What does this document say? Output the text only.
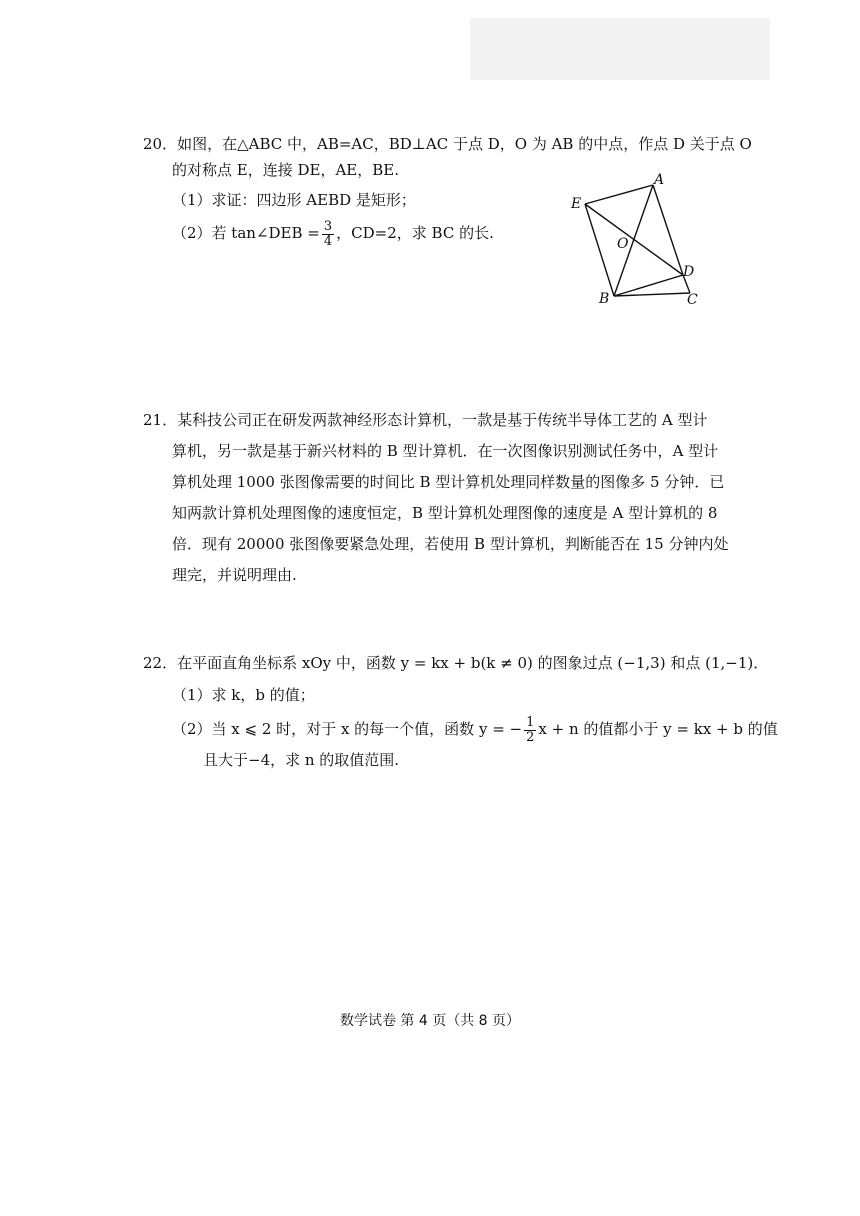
20．如图，在△ABC 中，AB=AC，BD⊥AC 于点 D，O 为 AB 的中点，作点 D 关于点 O
的对称点 E，连接 DE，AE，BE.
（1）求证：四边形 AEBD 是矩形；
（2）若 tan∠DEB = $\frac{3}{4}$ ，CD=2，求 BC 的长.
A
E
O
D
B	C
21．某科技公司正在研发两款神经形态计算机，一款是基于传统半导体工艺的 A 型计
算机，另一款是基于新兴材料的 B 型计算机．在一次图像识别测试任务中，A 型计
算机处理 1000 张图像需要的时间比 B 型计算机处理同样数量的图像多 5 分钟．已
知两款计算机处理图像的速度恒定，B 型计算机处理图像的速度是 A 型计算机的 8
倍．现有 20000 张图像要紧急处理，若使用 B 型计算机，判断能否在 15 分钟内处
理完，并说明理由.
22．在平面直角坐标系 xOy 中，函数 y = kx + b(k ≠ 0) 的图象过点 (−1,3) 和点 (1,−1)．
（1）求 k，b 的值；
（2）当 x ⩽ 2 时，对于 x 的每一个值，函数 y = − $\frac{1}{2}$ x + n 的值都小于 y = kx + b 的值
且大于−4，求 n 的取值范围.
数学试卷 第 4 页（共 8 页）
